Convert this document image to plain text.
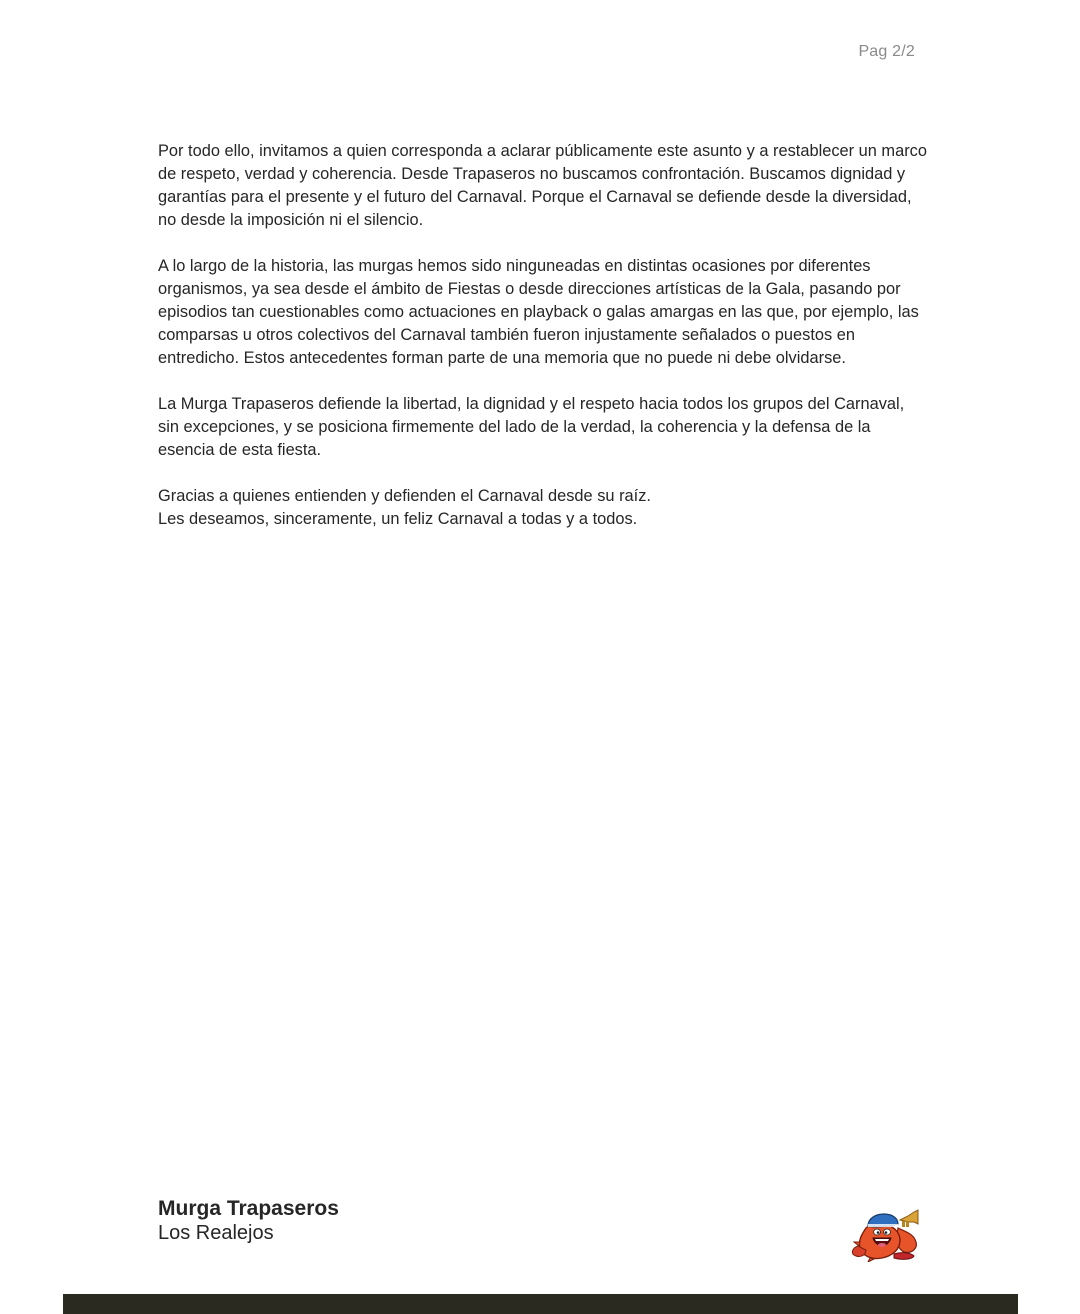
Pag 2/2

Por todo ello, invitamos a quien corresponda a aclarar públicamente este asunto y a restablecer un marco de respeto, verdad y coherencia. Desde Trapaseros no buscamos confrontación. Buscamos dignidad y garantías para el presente y el futuro del Carnaval. Porque el Carnaval se defiende desde la diversidad, no desde la imposición ni el silencio.

A lo largo de la historia, las murgas hemos sido ninguneadas en distintas ocasiones por diferentes organismos, ya sea desde el ámbito de Fiestas o desde direcciones artísticas de la Gala, pasando por episodios tan cuestionables como actuaciones en playback o galas amargas en las que, por ejemplo, las comparsas u otros colectivos del Carnaval también fueron injustamente señalados o puestos en entredicho. Estos antecedentes forman parte de una memoria que no puede ni debe olvidarse.

La Murga Trapaseros defiende la libertad, la dignidad y el respeto hacia todos los grupos del Carnaval, sin excepciones, y se posiciona firmemente del lado de la verdad, la coherencia y la defensa de la esencia de esta fiesta.

Gracias a quienes entienden y defienden el Carnaval desde su raíz.
Les deseamos, sinceramente, un feliz Carnaval a todas y a todos.

Murga Trapaseros
Los Realejos
